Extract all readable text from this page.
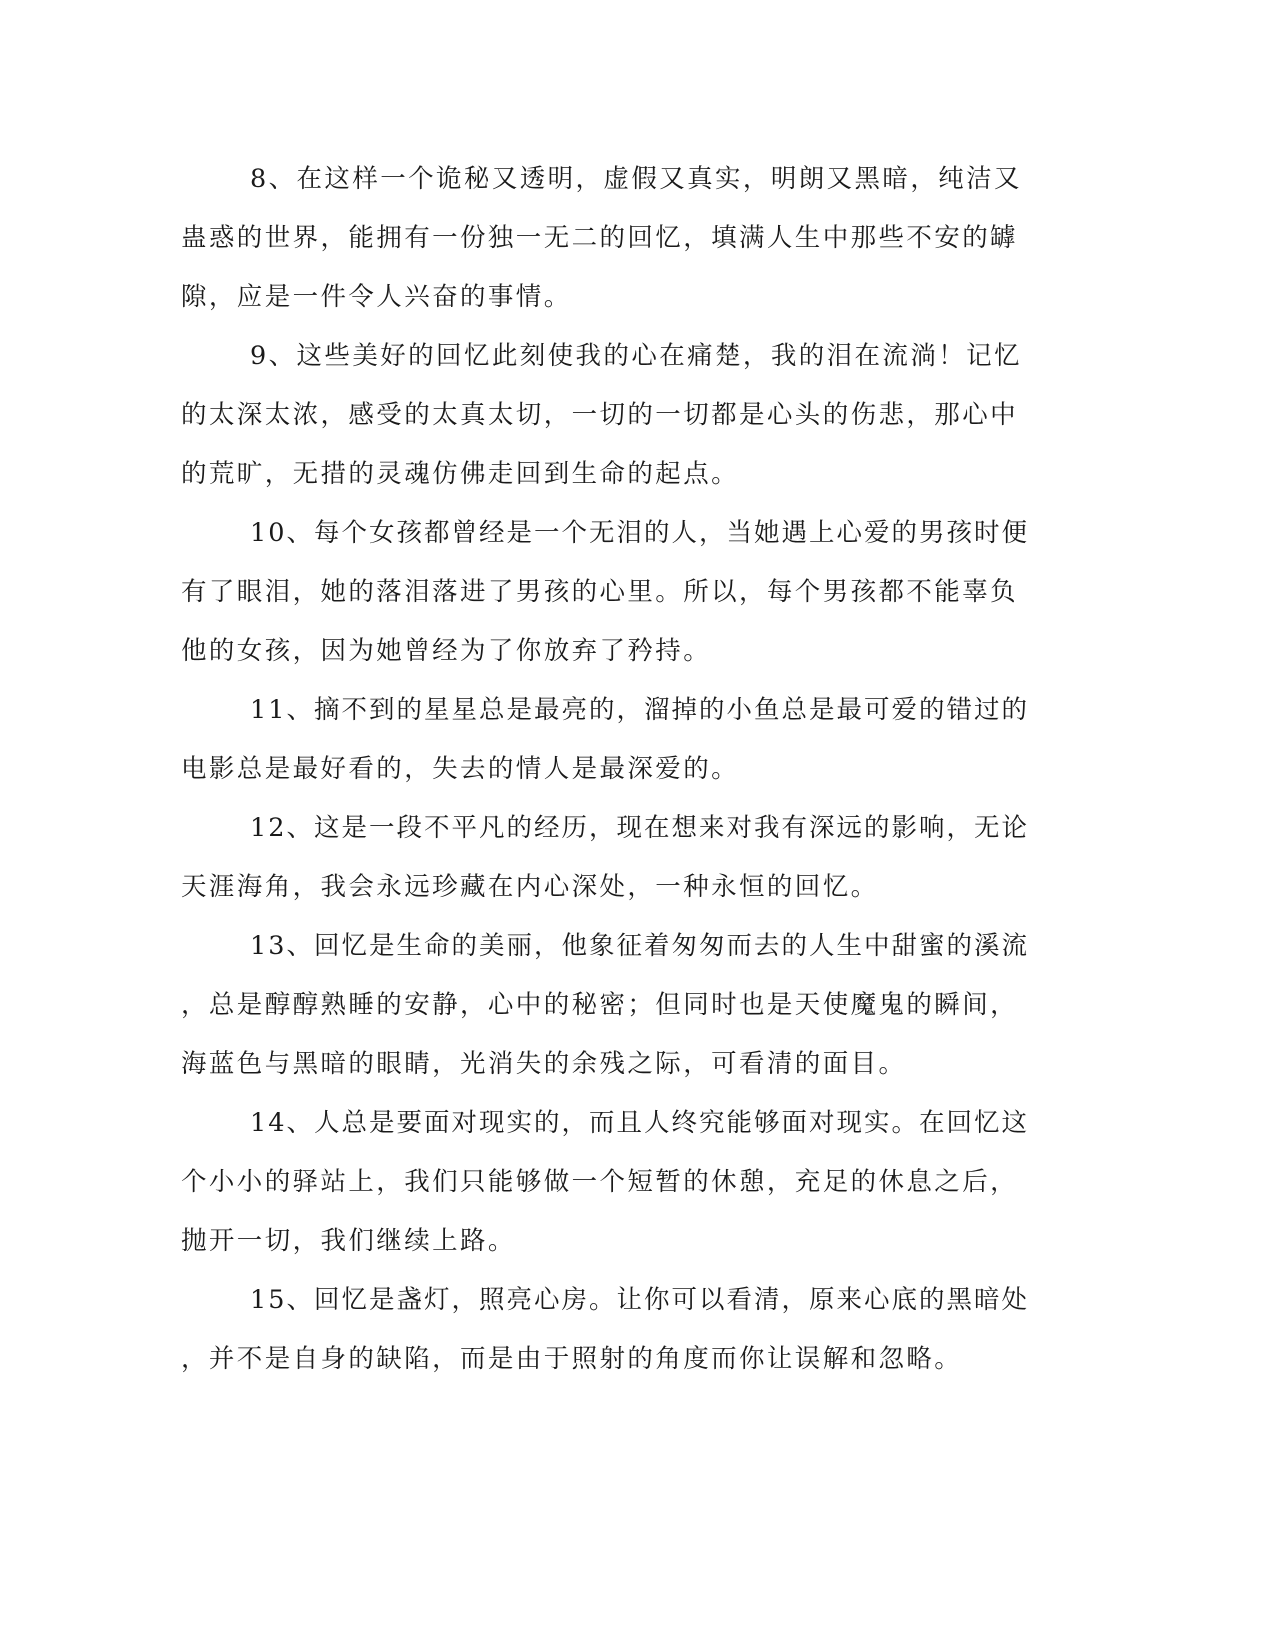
8、在这样一个诡秘又透明，虚假又真实，明朗又黑暗，纯洁又
蛊惑的世界，能拥有一份独一无二的回忆，填满人生中那些不安的罅
隙，应是一件令人兴奋的事情。
9、这些美好的回忆此刻使我的心在痛楚，我的泪在流淌！记忆
的太深太浓，感受的太真太切，一切的一切都是心头的伤悲，那心中
的荒旷，无措的灵魂仿佛走回到生命的起点。
10、每个女孩都曾经是一个无泪的人，当她遇上心爱的男孩时便
有了眼泪，她的落泪落进了男孩的心里。所以，每个男孩都不能辜负
他的女孩，因为她曾经为了你放弃了矜持。
11、摘不到的星星总是最亮的，溜掉的小鱼总是最可爱的错过的
电影总是最好看的，失去的情人是最深爱的。
12、这是一段不平凡的经历，现在想来对我有深远的影响，无论
天涯海角，我会永远珍藏在内心深处，一种永恒的回忆。
13、回忆是生命的美丽，他象征着匆匆而去的人生中甜蜜的溪流
，总是醇醇熟睡的安静，心中的秘密；但同时也是天使魔鬼的瞬间，
海蓝色与黑暗的眼睛，光消失的余残之际，可看清的面目。
14、人总是要面对现实的，而且人终究能够面对现实。在回忆这
个小小的驿站上，我们只能够做一个短暂的休憩，充足的休息之后，
抛开一切，我们继续上路。
15、回忆是盏灯，照亮心房。让你可以看清，原来心底的黑暗处
，并不是自身的缺陷，而是由于照射的角度而你让误解和忽略。
